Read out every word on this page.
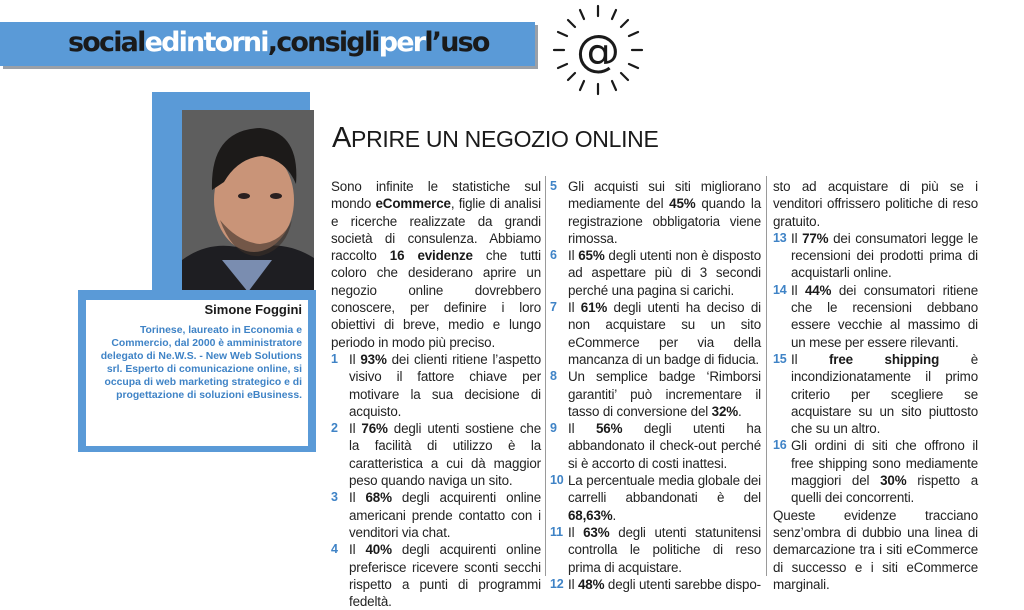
socialedintorni,consigliperl’uso @
Simone Foggini
Torinese, laureato in Economia e Commercio, dal 2000 è amministratore delegato di Ne.W.S. - New Web Solutions srl. Esperto di comunicazione online, si occupa di web marketing strategico e di progettazione di soluzioni eBusiness.
APRIRE UN NEGOZIO ONLINE

Sono infinite le statistiche sul mondo eCommerce, figlie di analisi e ricerche realizzate da grandi società di consulenza. Abbiamo raccolto 16 evidenze che tutti coloro che desiderano aprire un negozio online dovrebbero conoscere, per definire i loro obiettivi di breve, medio e lungo periodo in modo più preciso.

1 Il 93% dei clienti ritiene l’aspetto visivo il fattore chiave per motivare la sua decisione di acquisto.
2 Il 76% degli utenti sostiene che la facilità di utilizzo è la caratteristica a cui dà maggior peso quando naviga un sito.
3 Il 68% degli acquirenti online americani prende contatto con i venditori via chat.
4 Il 40% degli acquirenti online preferisce ricevere sconti secchi rispetto a punti di programmi fedeltà.
5 Gli acquisti sui siti migliorano mediamente del 45% quando la registrazione obbligatoria viene rimossa.
6 Il 65% degli utenti non è disposto ad aspettare più di 3 secondi perché una pagina si carichi.
7 Il 61% degli utenti ha deciso di non acquistare su un sito eCommerce per via della mancanza di un badge di fiducia.
8 Un semplice badge ‘Rimborsi garantiti’ può incrementare il tasso di conversione del 32%.
9 Il 56% degli utenti ha abbandonato il check-out perché si è accorto di costi inattesi.
10 La percentuale media globale dei carrelli abbandonati è del 68,63%.
11 Il 63% degli utenti statunitensi controlla le politiche di reso prima di acquistare.
12 Il 48% degli utenti sarebbe dispo-

sto ad acquistare di più se i venditori offrissero politiche di reso gratuito.

13 Il 77% dei consumatori legge le recensioni dei prodotti prima di acquistarli online.
14 Il 44% dei consumatori ritiene che le recensioni debbano essere vecchie al massimo di un mese per essere rilevanti.
15 Il free shipping è incondizionatamente il primo criterio per scegliere se acquistare su un sito piuttosto che su un altro.
16 Gli ordini di siti che offrono il free shipping sono mediamente maggiori del 30% rispetto a quelli dei concorrenti.

Queste evidenze tracciano senz’ombra di dubbio una linea di demarcazione tra i siti eCommerce di successo e i siti eCommerce marginali.
